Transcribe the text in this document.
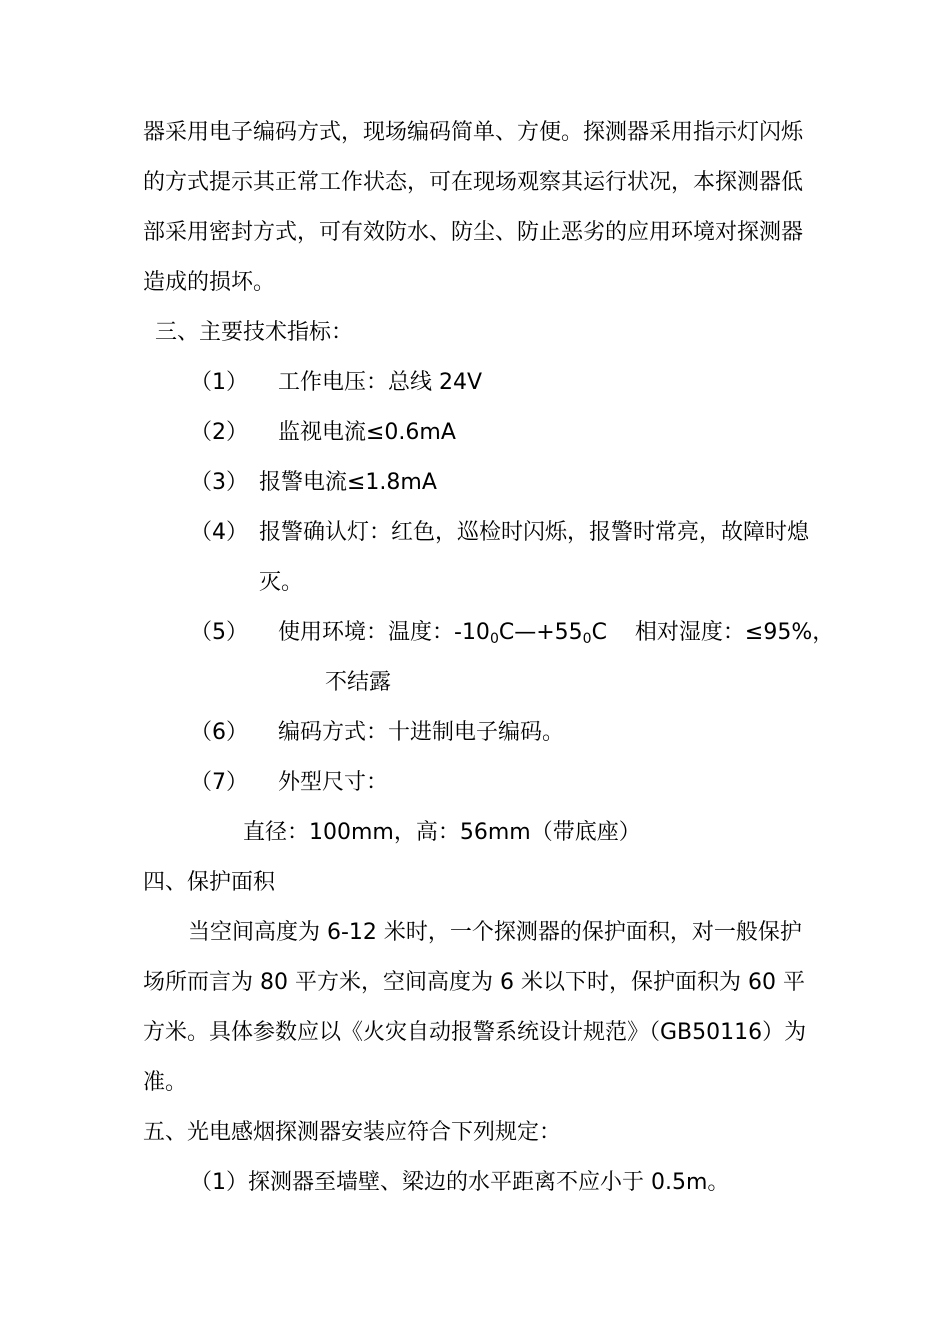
器采用电子编码方式，现场编码简单、方便。探测器采用指示灯闪烁
的方式提示其正常工作状态，可在现场观察其运行状况，本探测器低
部采用密封方式，可有效防水、防尘、防止恶劣的应用环境对探测器
造成的损坏。
三、主要技术指标：
（1） 工作电压：总线 24V
（2） 监视电流≤0.6mA
（3） 报警电流≤1.8mA
（4） 报警确认灯：红色，巡检时闪烁，报警时常亮，故障时熄
灭。
（5） 使用环境：温度：$-10_0C—+55_0C$    相对湿度：≤95%，
不结露
（6） 编码方式：十进制电子编码。
（7） 外型尺寸：
直径：100mm，高：56mm（带底座）
四、保护面积
当空间高度为 6-12 米时，一个探测器的保护面积，对一般保护
场所而言为 80 平方米，空间高度为 6 米以下时，保护面积为 60 平
方米。具体参数应以《火灾自动报警系统设计规范》（GB50116）为
准。
五、光电感烟探测器安装应符合下列规定：
（1）探测器至墙壁、梁边的水平距离不应小于 0.5m。
